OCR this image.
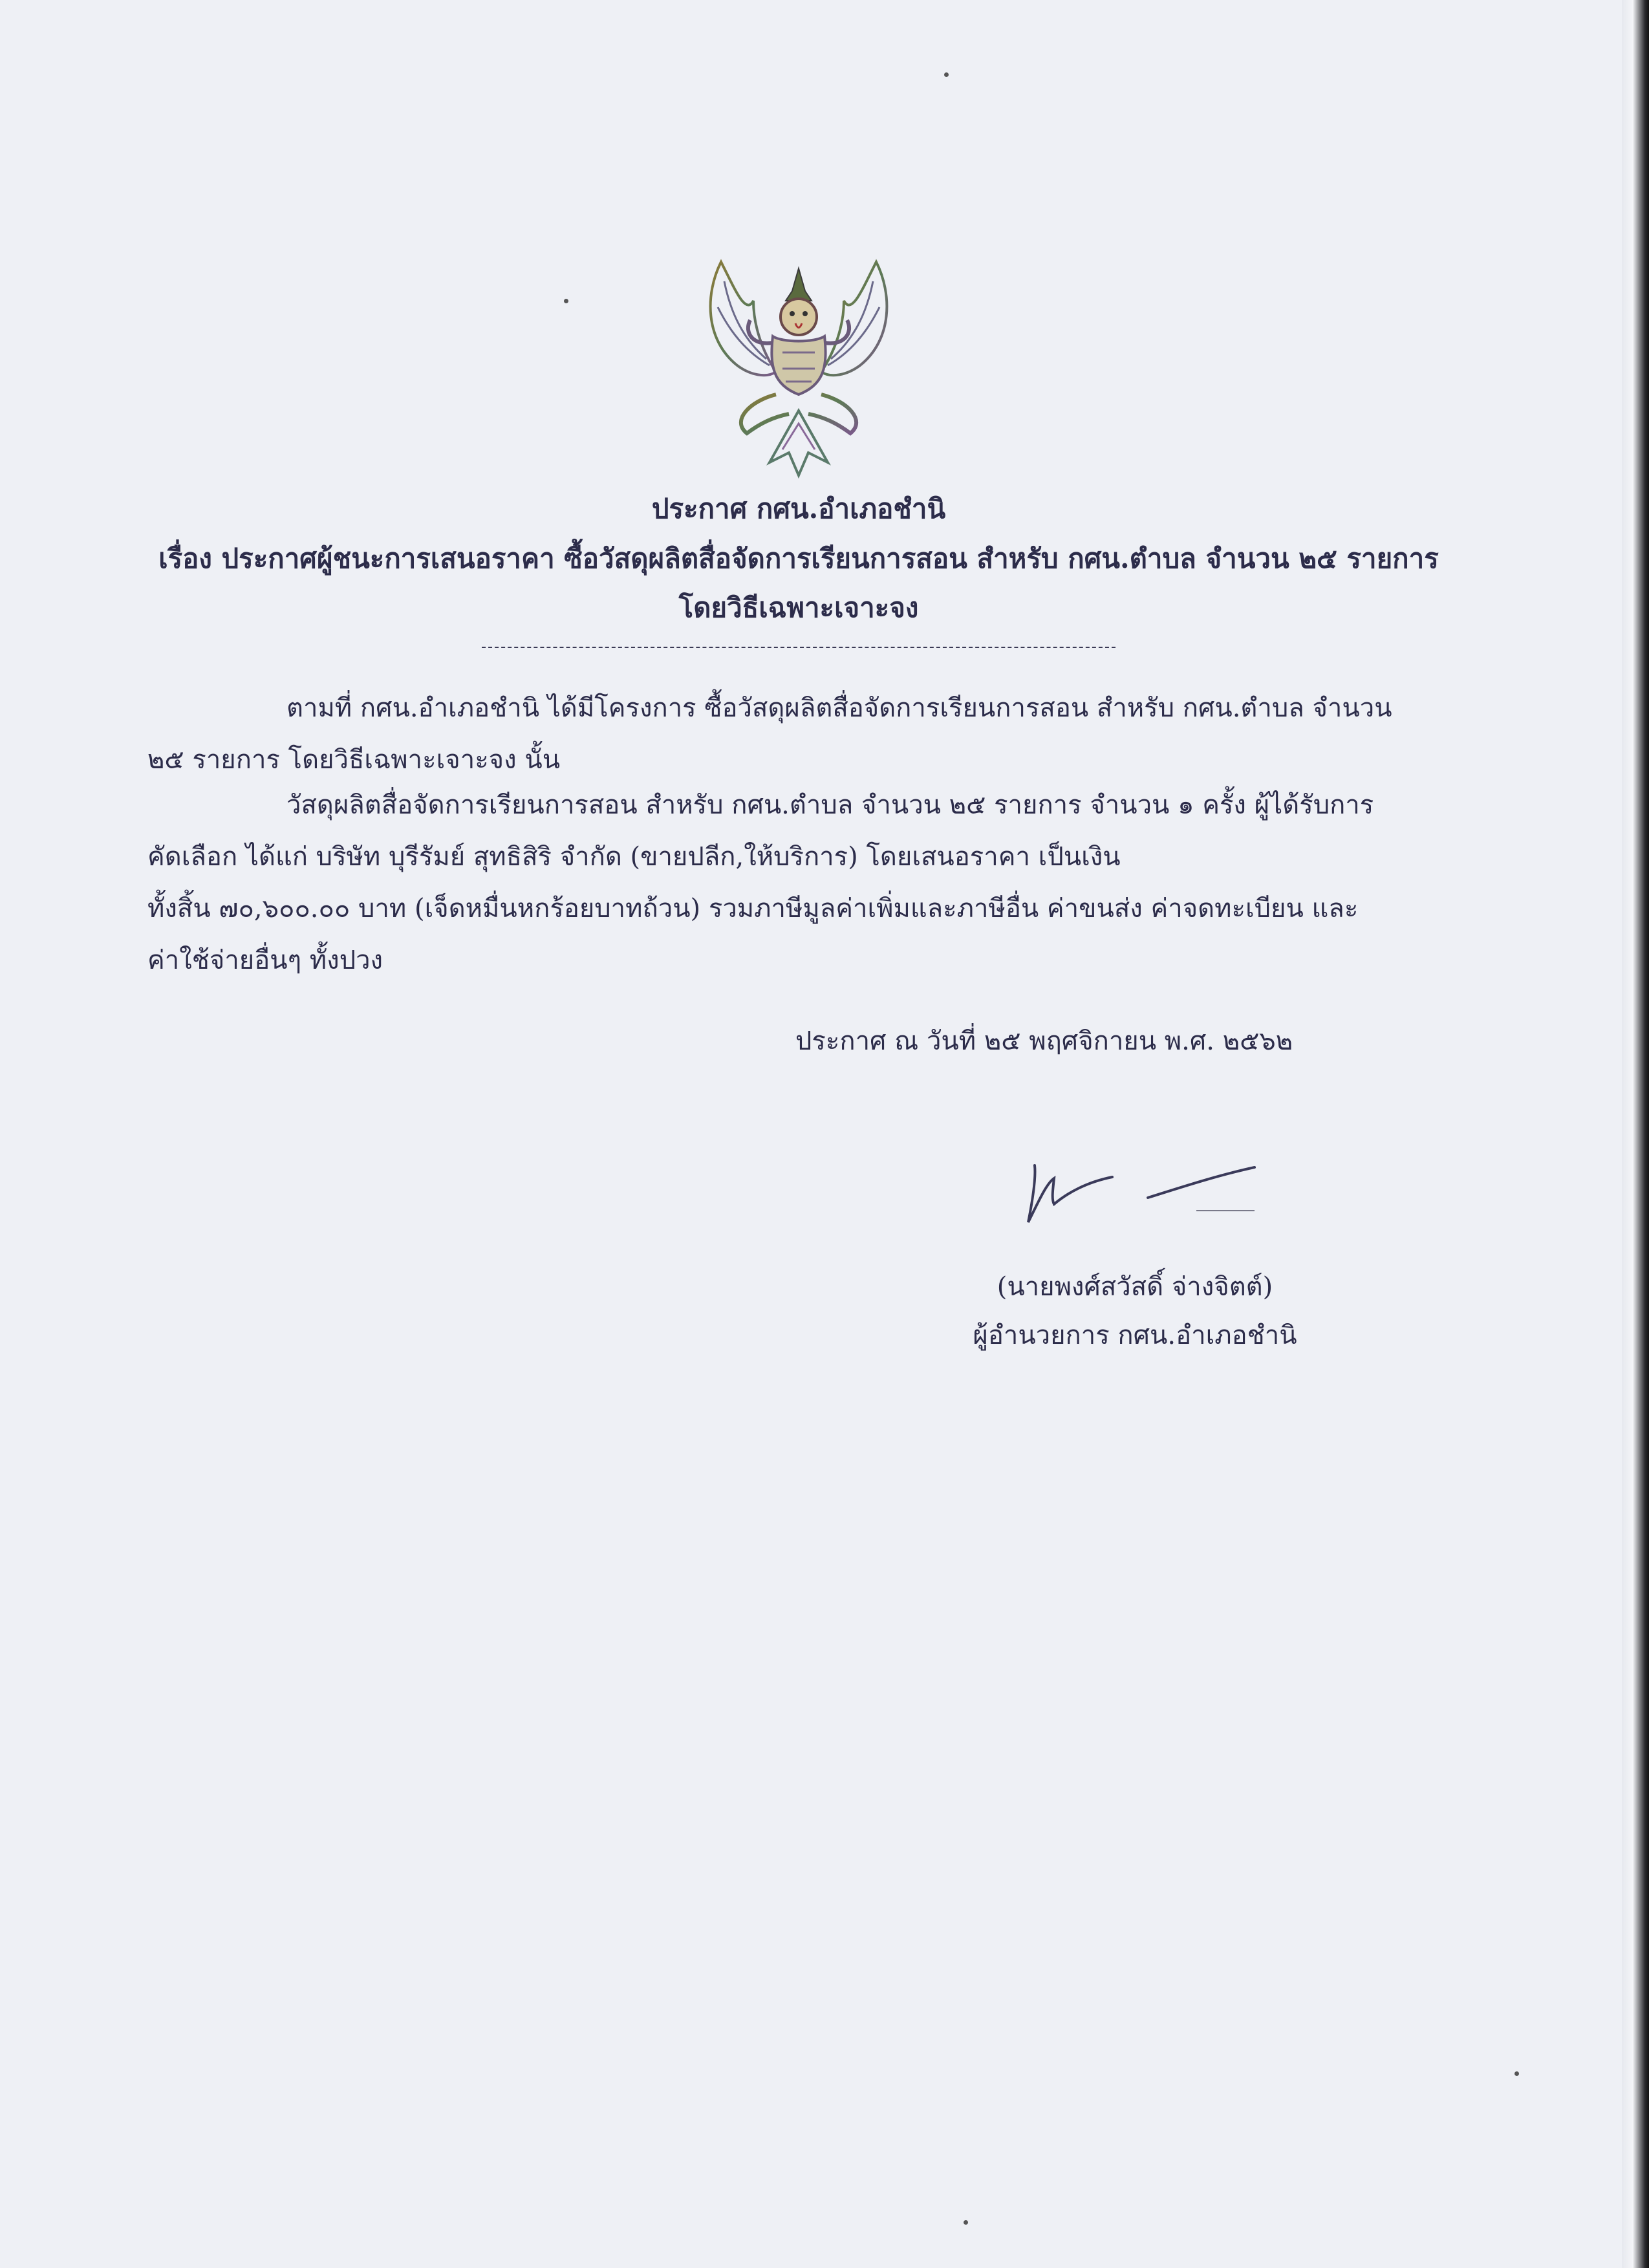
ประกาศ กศน.อำเภอชำนิ
เรื่อง ประกาศผู้ชนะการเสนอราคา ซื้อวัสดุผลิตสื่อจัดการเรียนการสอน สำหรับ กศน.ตำบล จำนวน ๒๕ รายการ
โดยวิธีเฉพาะเจาะจง
ตามที่ กศน.อำเภอชำนิ ได้มีโครงการ ซื้อวัสดุผลิตสื่อจัดการเรียนการสอน สำหรับ กศน.ตำบล จำนวน
๒๕ รายการ โดยวิธีเฉพาะเจาะจง นั้น
วัสดุผลิตสื่อจัดการเรียนการสอน สำหรับ กศน.ตำบล จำนวน ๒๕ รายการ จำนวน ๑ ครั้ง ผู้ได้รับการ
คัดเลือก ได้แก่ บริษัท บุรีรัมย์ สุทธิสิริ จำกัด (ขายปลีก,ให้บริการ) โดยเสนอราคา เป็นเงิน
ทั้งสิ้น ๗๐,๖๐๐.๐๐ บาท (เจ็ดหมื่นหกร้อยบาทถ้วน) รวมภาษีมูลค่าเพิ่มและภาษีอื่น ค่าขนส่ง ค่าจดทะเบียน และ
ค่าใช้จ่ายอื่นๆ ทั้งปวง
ประกาศ ณ วันที่ ๒๕ พฤศจิกายน พ.ศ. ๒๕๖๒
(นายพงศ์สวัสดิ์ จ่างจิตต์)
ผู้อำนวยการ กศน.อำเภอชำนิ
